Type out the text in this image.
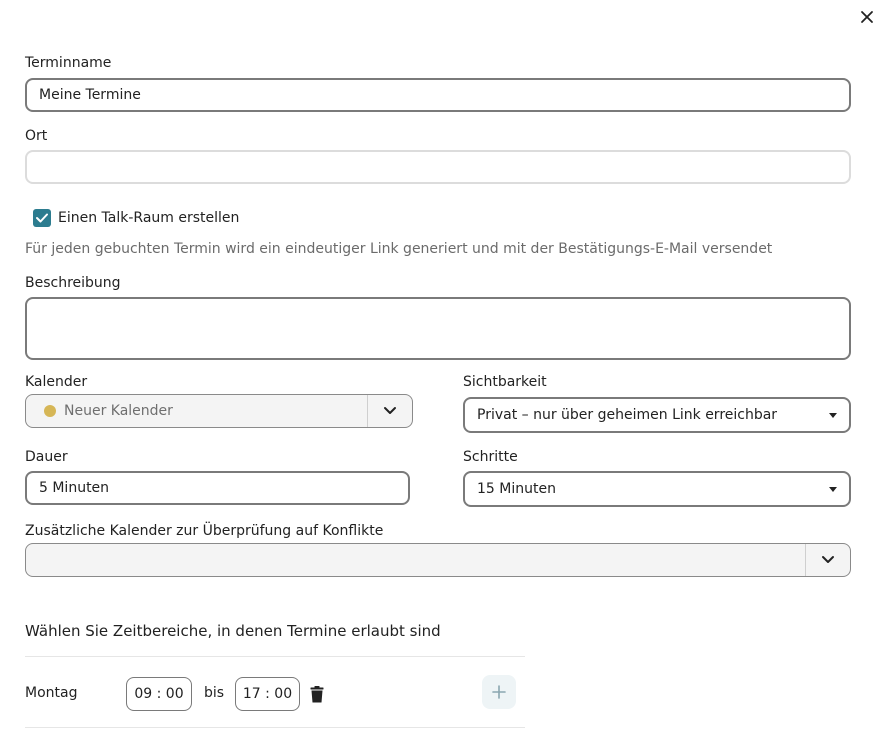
Terminname
Meine Termine
Ort
Einen Talk-Raum erstellen
Für jeden gebuchten Termin wird ein eindeutiger Link generiert und mit der Bestätigungs-E-Mail versendet
Beschreibung
Kalender
Neuer Kalender
Sichtbarkeit
Privat – nur über geheimen Link erreichbar
Dauer
5 Minuten
Schritte
15 Minuten
Zusätzliche Kalender zur Überprüfung auf Konflikte
Wählen Sie Zeitbereiche, in denen Termine erlaubt sind
Montag	09 : 00 bis 17 : 00
